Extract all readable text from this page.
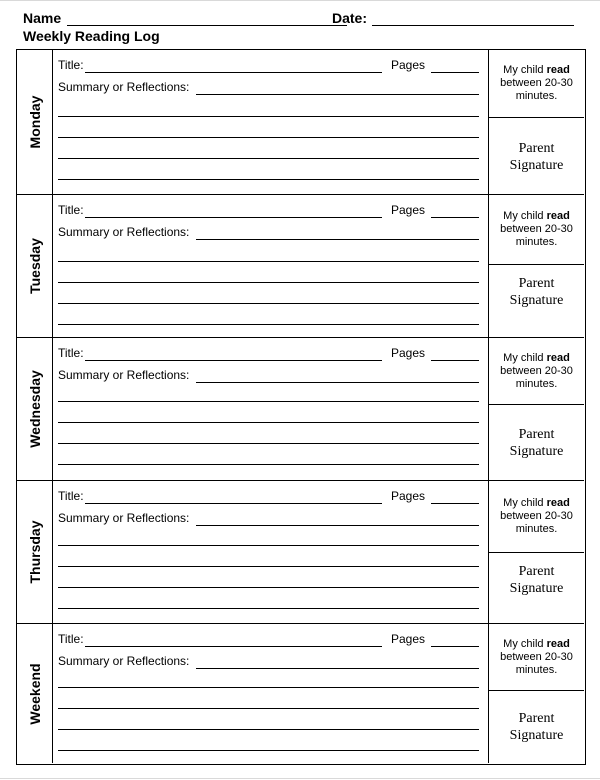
Name	Date:
Weekly Reading Log
Monday
Title:	Pages
Summary or Reflections:
My child read
between 20-30
minutes.
Parent
Signature
Tuesday
Title:	Pages
Summary or Reflections:
My child read
between 20-30
minutes.
Parent
Signature
Wednesday
Title:	Pages
Summary or Reflections:
My child read
between 20-30
minutes.
Parent
Signature
Thursday
Title:	Pages
Summary or Reflections:
My child read
between 20-30
minutes.
Parent
Signature
Weekend
Title:	Pages
Summary or Reflections:
My child read
between 20-30
minutes.
Parent
Signature
